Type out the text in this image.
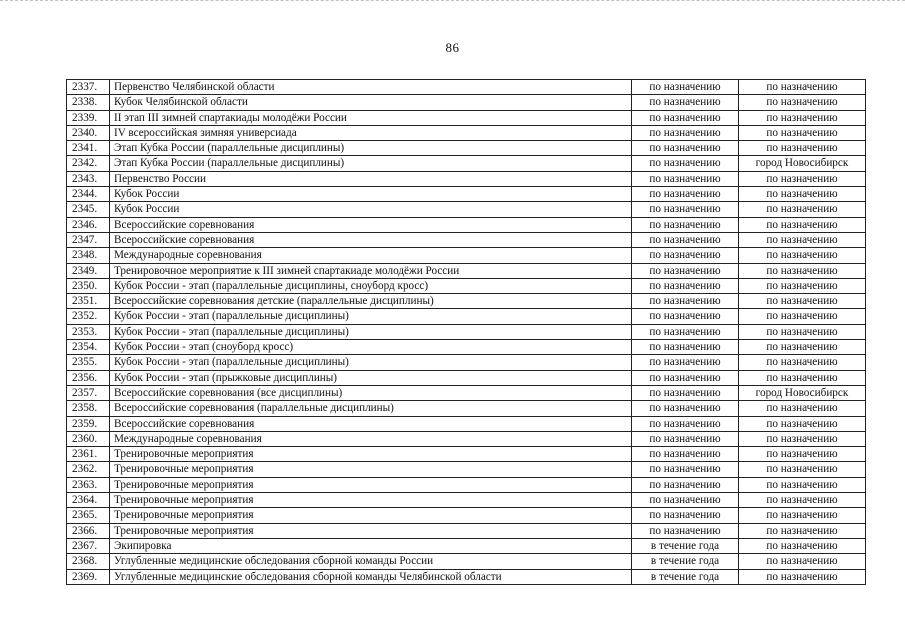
86
2337.	Первенство Челябинской области	по назначению	по назначению
2338.	Кубок Челябинской области	по назначению	по назначению
2339.	II этап III зимней спартакиады молодёжи России	по назначению	по назначению
2340.	IV всероссийская зимняя универсиада	по назначению	по назначению
2341.	Этап Кубка России (параллельные дисциплины)	по назначению	по назначению
2342.	Этап Кубка России (параллельные дисциплины)	по назначению	город Новосибирск
2343.	Первенство России	по назначению	по назначению
2344.	Кубок России	по назначению	по назначению
2345.	Кубок России	по назначению	по назначению
2346.	Всероссийские соревнования	по назначению	по назначению
2347.	Всероссийские соревнования	по назначению	по назначению
2348.	Международные соревнования	по назначению	по назначению
2349.	Тренировочное мероприятие к III зимней спартакиаде молодёжи России	по назначению	по назначению
2350.	Кубок России - этап (параллельные дисциплины, сноуборд кросс)	по назначению	по назначению
2351.	Всероссийские соревнования детские (параллельные дисциплины)	по назначению	по назначению
2352.	Кубок России - этап (параллельные дисциплины)	по назначению	по назначению
2353.	Кубок России - этап (параллельные дисциплины)	по назначению	по назначению
2354.	Кубок России - этап (сноуборд кросс)	по назначению	по назначению
2355.	Кубок России - этап (параллельные дисциплины)	по назначению	по назначению
2356.	Кубок России - этап (прыжковые дисциплины)	по назначению	по назначению
2357.	Всероссийские соревнования (все дисциплины)	по назначению	город Новосибирск
2358.	Всероссийские соревнования (параллельные дисциплины)	по назначению	по назначению
2359.	Всероссийские соревнования	по назначению	по назначению
2360.	Международные соревнования	по назначению	по назначению
2361.	Тренировочные мероприятия	по назначению	по назначению
2362.	Тренировочные мероприятия	по назначению	по назначению
2363.	Тренировочные мероприятия	по назначению	по назначению
2364.	Тренировочные мероприятия	по назначению	по назначению
2365.	Тренировочные мероприятия	по назначению	по назначению
2366.	Тренировочные мероприятия	по назначению	по назначению
2367.	Экипировка	в течение года	по назначению
2368.	Углубленные медицинские обследования сборной команды России	в течение года	по назначению
2369.	Углубленные медицинские обследования сборной команды Челябинской области	в течение года	по назначению
